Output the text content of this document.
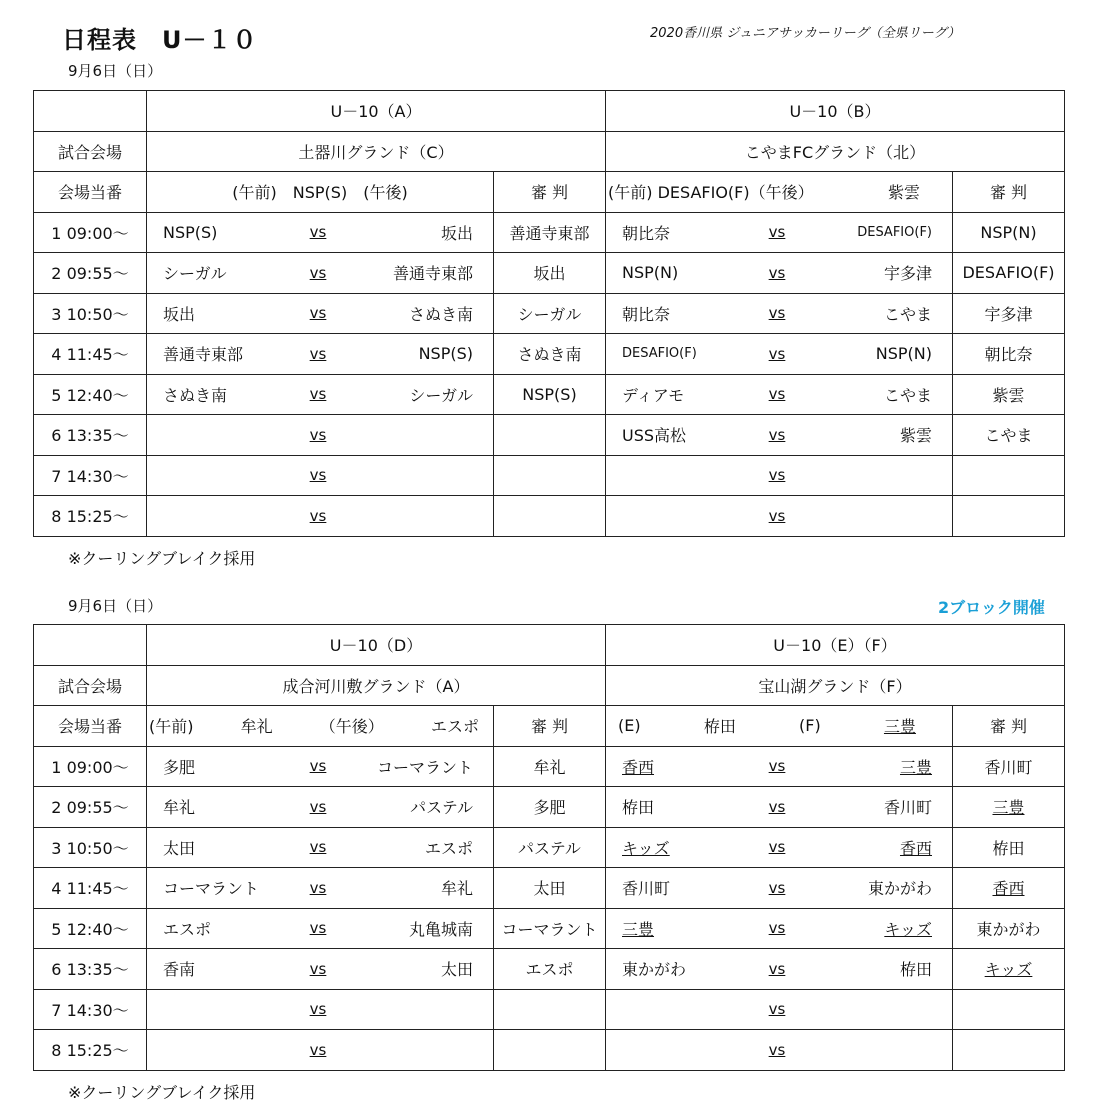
日程表　U－１０	2020香川県 ジュニアサッカーリーグ（全県リーグ）
9月6日（日）
	U－10（A）		U－10（B）	
試合会場	土器川グランド（C）		こやまFCグランド（北）	
会場当番	(午前)　NSP(S)　(午後)	審 判	(午前) DESAFIO(F)（午後） 紫雲	審 判
1 09:00～	NSP(S) vs 坂出	善通寺東部	朝比奈 vs DESAFIO(F)	NSP(N)
2 09:55～	シーガル vs 善通寺東部	坂出	NSP(N) vs 宇多津	DESAFIO(F)
3 10:50～	坂出 vs さぬき南	シーガル	朝比奈 vs こやま	宇多津
4 11:45～	善通寺東部 vs NSP(S)	さぬき南	DESAFIO(F) vs NSP(N)	朝比奈
5 12:40～	さぬき南 vs シーガル	NSP(S)	ディアモ vs こやま	紫雲
6 13:35～	vs		USS高松 vs 紫雲	こやま
7 14:30～	vs		vs	

8 15:25～	vs		vs	

※クーリングブレイク採用
9月6日（日）	2ブロック開催
	U－10（D）		U－10（E）（F）	
試合会場	成合河川敷グランド（A）		宝山湖グランド（F）	
会場当番	(午前) 牟礼 （午後） エスポ	審 判	(E) 栫田 (F) 三豊	審 判
1 09:00～	多肥 vs コーマラント	牟礼	香西 vs 三豊	香川町
2 09:55～	牟礼 vs パステル	多肥	栫田 vs 香川町	三豊
3 10:50～	太田 vs エスポ	パステル	キッズ vs 香西	栫田
4 11:45～	コーマラント vs 牟礼	太田	香川町 vs 東かがわ	香西
5 12:40～	エスポ vs 丸亀城南	コーマラント	三豊 vs キッズ	東かがわ
6 13:35～	香南 vs 太田	エスポ	東かがわ vs 栫田	キッズ
7 14:30～	vs		vs	

8 15:25～	vs		vs	

※クーリングブレイク採用
